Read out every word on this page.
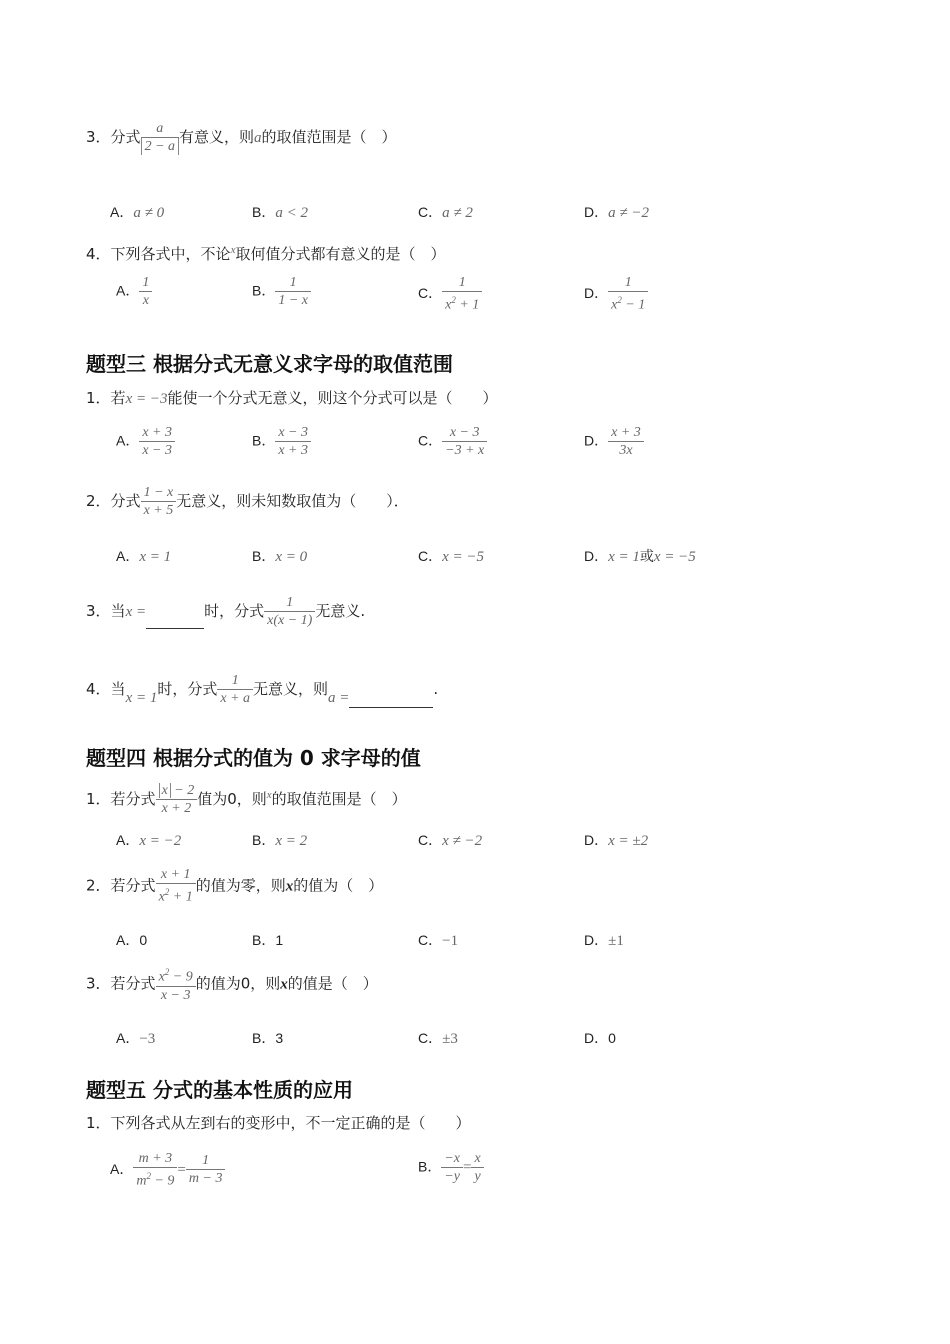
3．分式 $\frac{a}{2 - a}$ 有意义，则a的取值范围是（　）
A．a ≠ 0	B．a < 2	C．a ≠ 2	D．a ≠ −2
4．下列各式中，不论$^x$取何值分式都有意义的是（　）
A． $\frac{1}{x}$	B． $\frac{1}{1 - x}$	C． $\frac{1}{x^2 + 1}$	D． $\frac{1}{x^2 - 1}$
题型三 根据分式无意义求字母的取值范围
1．若x = −3能使一个分式无意义，则这个分式可以是（　　）
A． $\frac{x + 3}{x - 3}$	B． $\frac{x - 3}{x + 3}$	C． $\frac{x - 3}{-3 + x}$	D． $\frac{x + 3}{3x}$
2．分式 $\frac{1 - x}{x + 5}$ 无意义，则未知数取值为（　　）．
A．x = 1	B．x = 0	C．x = −5	D．x = 1或x = −5
3．当x =	时，分式 $\frac{1}{x(x - 1)}$ 无意义.
4．当x = 1时，分式 $\frac{1}{x + a}$ 无意义，则a =	.
题型四 根据分式的值为 0 求字母的值
1．若分式 $\frac{x - 2}{x + 2}$ 值为0，则$^x$的取值范围是（　）
A．x = −2	B．x = 2	C．x ≠ −2	D．x = ±2
2．若分式 $\frac{x + 1}{x^2 + 1}$ 的值为零，则x的值为（　）
A．0	B．1	C．−1	D．±1
3．若分式 $\frac{x^2 - 9}{x - 3}$ 的值为0，则x的值是（　）
A．−3	B．3	C．±3	D．0
题型五 分式的基本性质的应用
1．下列各式从左到右的变形中，不一定正确的是（　　）
A． $\frac{m + 3}{m^2 - 9} = \frac{1}{m - 3}$	B． $\frac{-x}{-y} = \frac{x}{y}$
